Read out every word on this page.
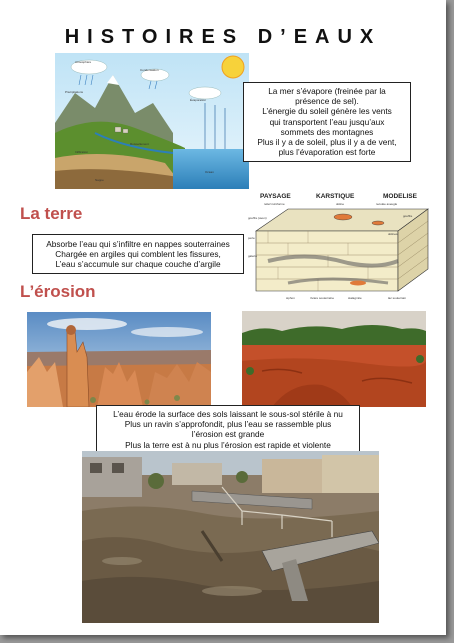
HISTOIRES D’EAUX
Atmosphère
Évaporation
Condensation
Précipitations
Océan
Infiltration
Ruissellement
Nappe
La mer s’évapore (freinée par la
présence de sel).
L’énergie du soleil génère les vents
qui transportent l’eau jusqu’aux
sommets des montagnes
Plus il y a de soleil, plus il y a de vent,
plus l’évaporation est forte
La terre
PAYSAGE	KARSTIQUE	MODELISE
relief ruiniforme	doline	reculée aveugle
gouffre (aven)	gouffre
dolines
perte
galerie
siphon	rivière souterraine	stalagmite	lac souterrain
Absorbe l’eau qui s’infiltre en nappes souterraines
Chargée en argiles qui comblent les fissures,
L’eau s’accumule sur chaque couche d’argile
L’érosion
L’eau érode la surface des sols laissant le sous-sol stérile à nu
Plus un ravin s’approfondit, plus l’eau se rassemble plus
l’érosion est grande
Plus la terre est à nu plus l’érosion est rapide et violente
